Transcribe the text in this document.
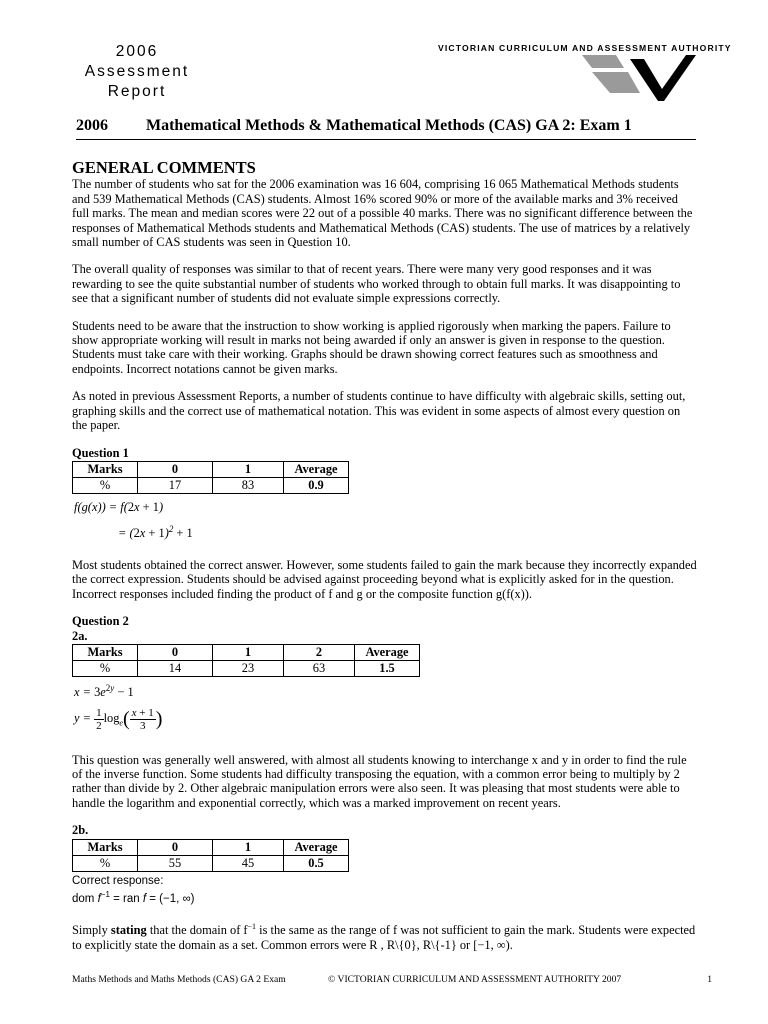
2006
Assessment
Report
VICTORIAN CURRICULUM AND ASSESSMENT AUTHORITY
2006 Mathematical Methods & Mathematical Methods (CAS) GA 2: Exam 1
GENERAL COMMENTS

The number of students who sat for the 2006 examination was 16 604, comprising 16 065 Mathematical Methods students and 539 Mathematical Methods (CAS) students. Almost 16% scored 90% or more of the available marks and 3% received full marks. The mean and median scores were 22 out of a possible 40 marks. There was no significant difference between the responses of Mathematical Methods students and Mathematical Methods (CAS) students. The use of matrices by a relatively small number of CAS students was seen in Question 10.

The overall quality of responses was similar to that of recent years. There were many very good responses and it was rewarding to see the quite substantial number of students who worked through to obtain full marks. It was disappointing to see that a significant number of students did not evaluate simple expressions correctly.

Students need to be aware that the instruction to show working is applied rigorously when marking the papers. Failure to show appropriate working will result in marks not being awarded if only an answer is given in response to the question. Students must take care with their working. Graphs should be drawn showing correct features such as smoothness and endpoints. Incorrect notations cannot be given marks.

As noted in previous Assessment Reports, a number of students continue to have difficulty with algebraic skills, setting out, graphing skills and the correct use of mathematical notation. This was evident in some aspects of almost every question on the paper.

Question 1
Marks	0	1	Average
%	17	83	0.9
f(g(x)) = f(2x + 1)
= $(2x + 1)^2 + 1$

Most students obtained the correct answer. However, some students failed to gain the mark because they incorrectly expanded the correct expression. Students should be advised against proceeding beyond what is explicitly asked for in the question. Incorrect responses included finding the product of f and g or the composite function g(f(x)).

Question 2
2a.
Marks	0	1	2	Average
%	14	23	63	1.5
$x = 3e^{2y} - 1$
$y = \frac{1}{2} \log_e( \frac{x + 1}{3}$ )

This question was generally well answered, with almost all students knowing to interchange x and y in order to find the rule of the inverse function. Some students had difficulty transposing the equation, with a common error being to multiply by 2 rather than divide by 2. Other algebraic manipulation errors were also seen. It was pleasing that most students were able to handle the logarithm and exponential correctly, which was a marked improvement on recent years.

2b.
Marks	0	1	Average
%	55	45	0.5
Correct response:
dom $f^{-1}$ = ran f = (−1, ∞)

Simply stating that the domain of $f^{-1}$ is the same as the range of f was not sufficient to gain the mark. Students were expected to explicitly state the domain as a set. Common errors were R , R\{0}, R\{-1} or [−1, ∞).

Maths Methods and Maths Methods (CAS) GA 2 Exam	© VICTORIAN CURRICULUM AND ASSESSMENT AUTHORITY 2007	1
